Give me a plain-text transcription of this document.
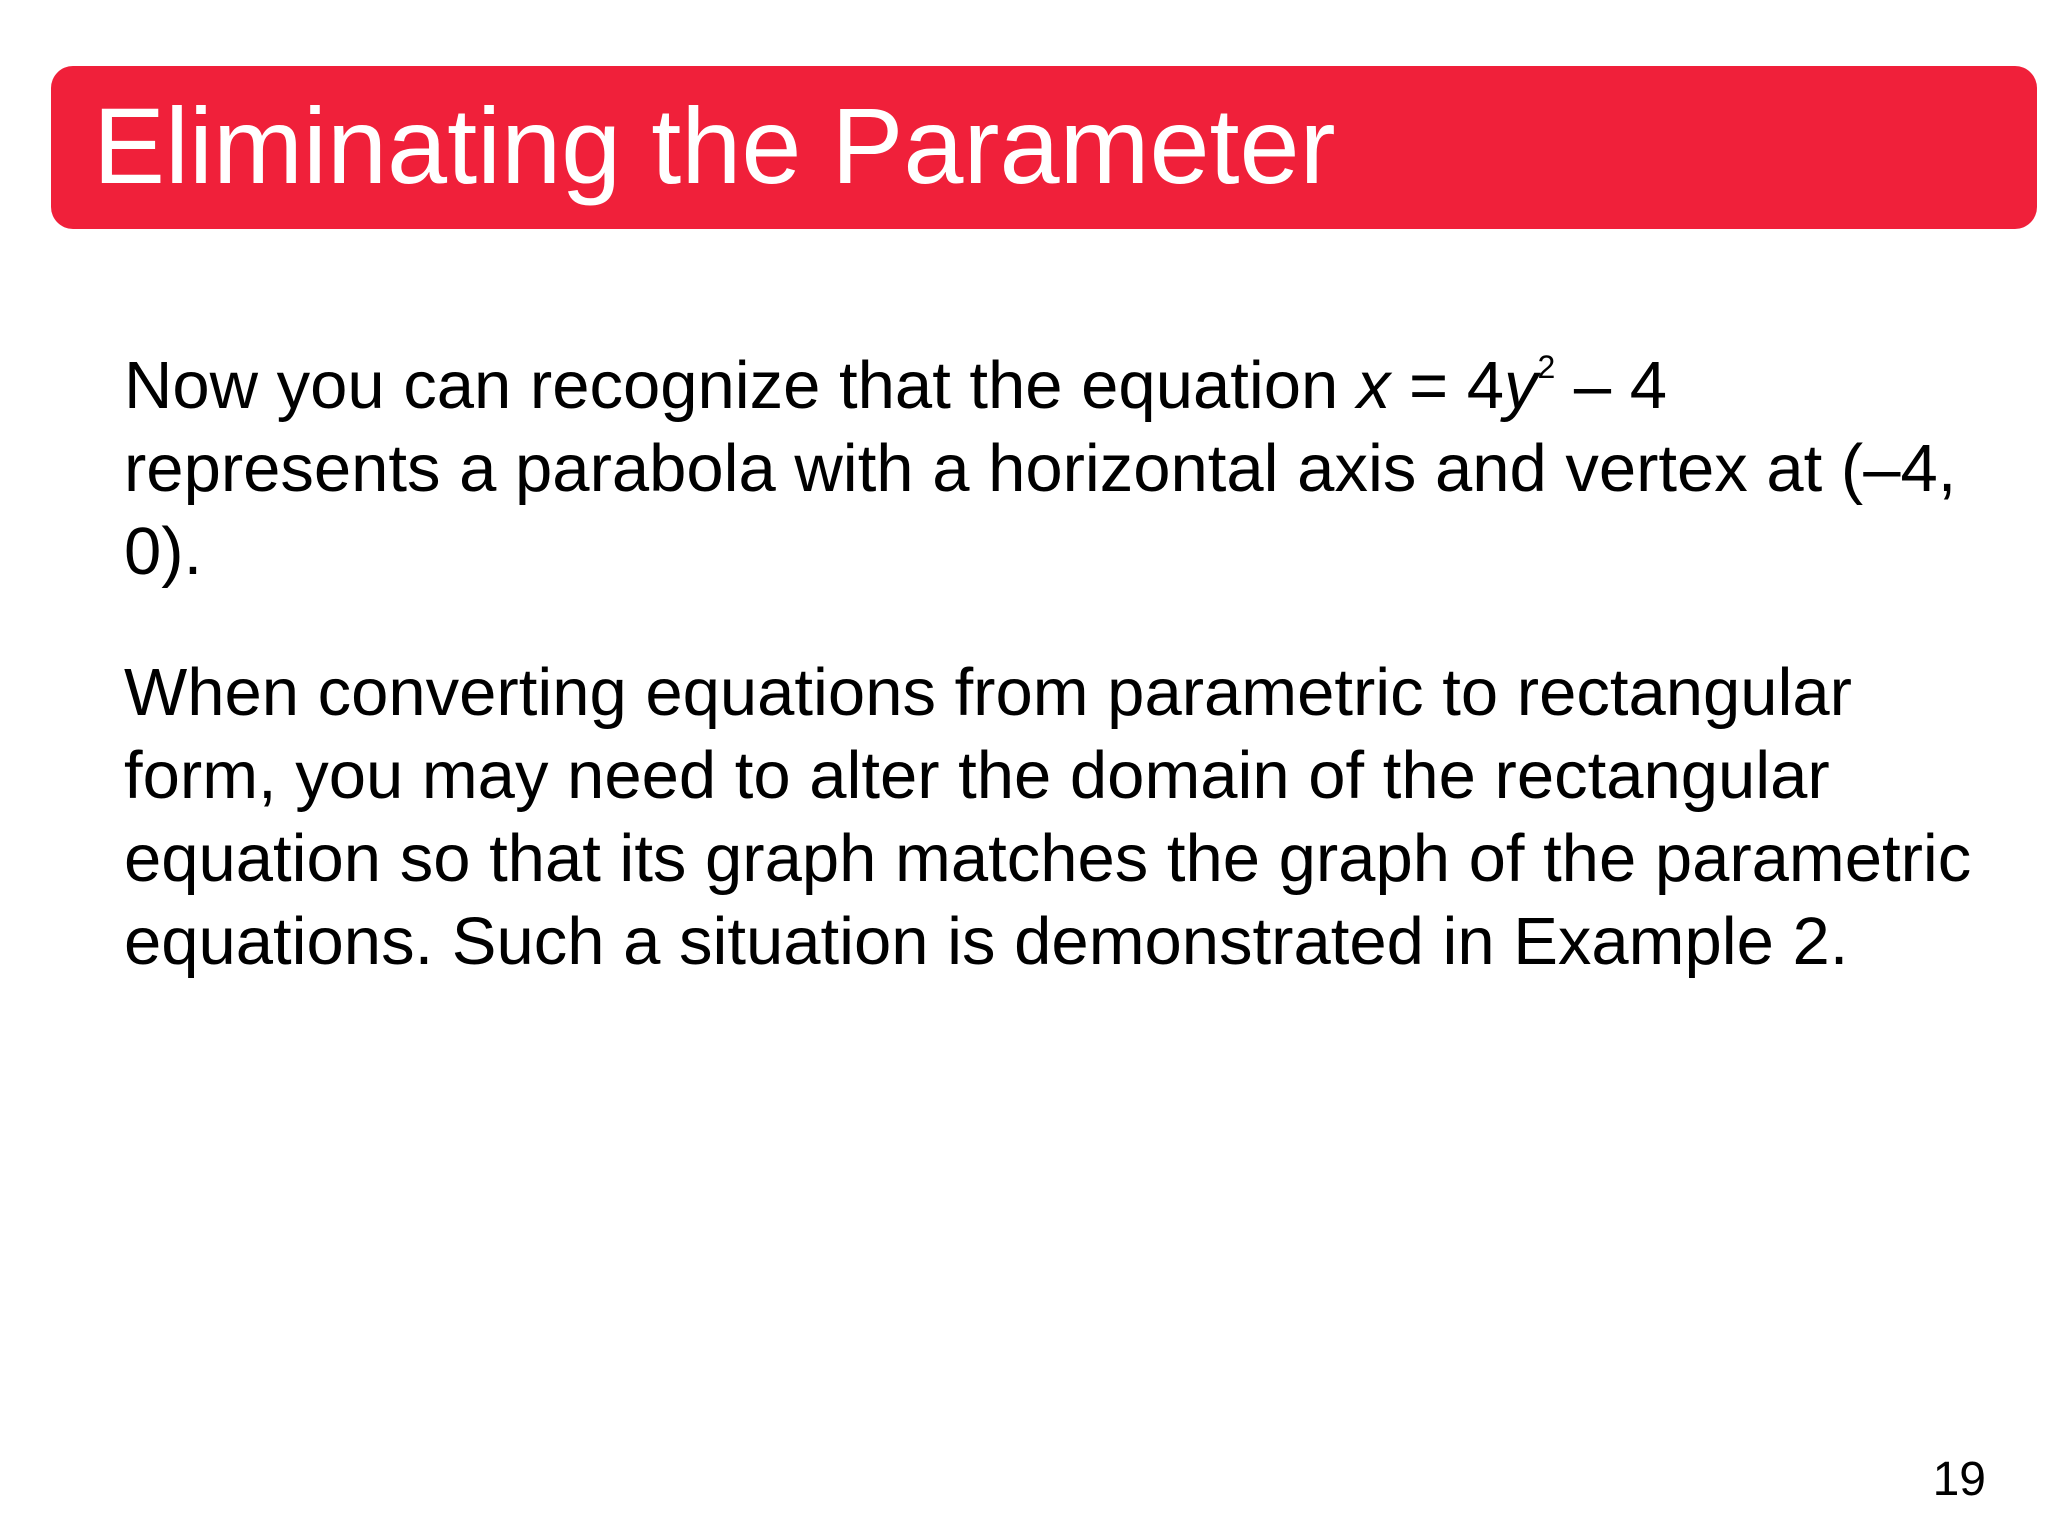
Eliminating the Parameter

Now you can recognize that the equation $x = 4y^2 - 4$ represents a parabola with a horizontal axis and vertex at (–4, 0).

When converting equations from parametric to rectangular form, you may need to alter the domain of the rectangular equation so that its graph matches the graph of the parametric equations. Such a situation is demonstrated in Example 2.

19
